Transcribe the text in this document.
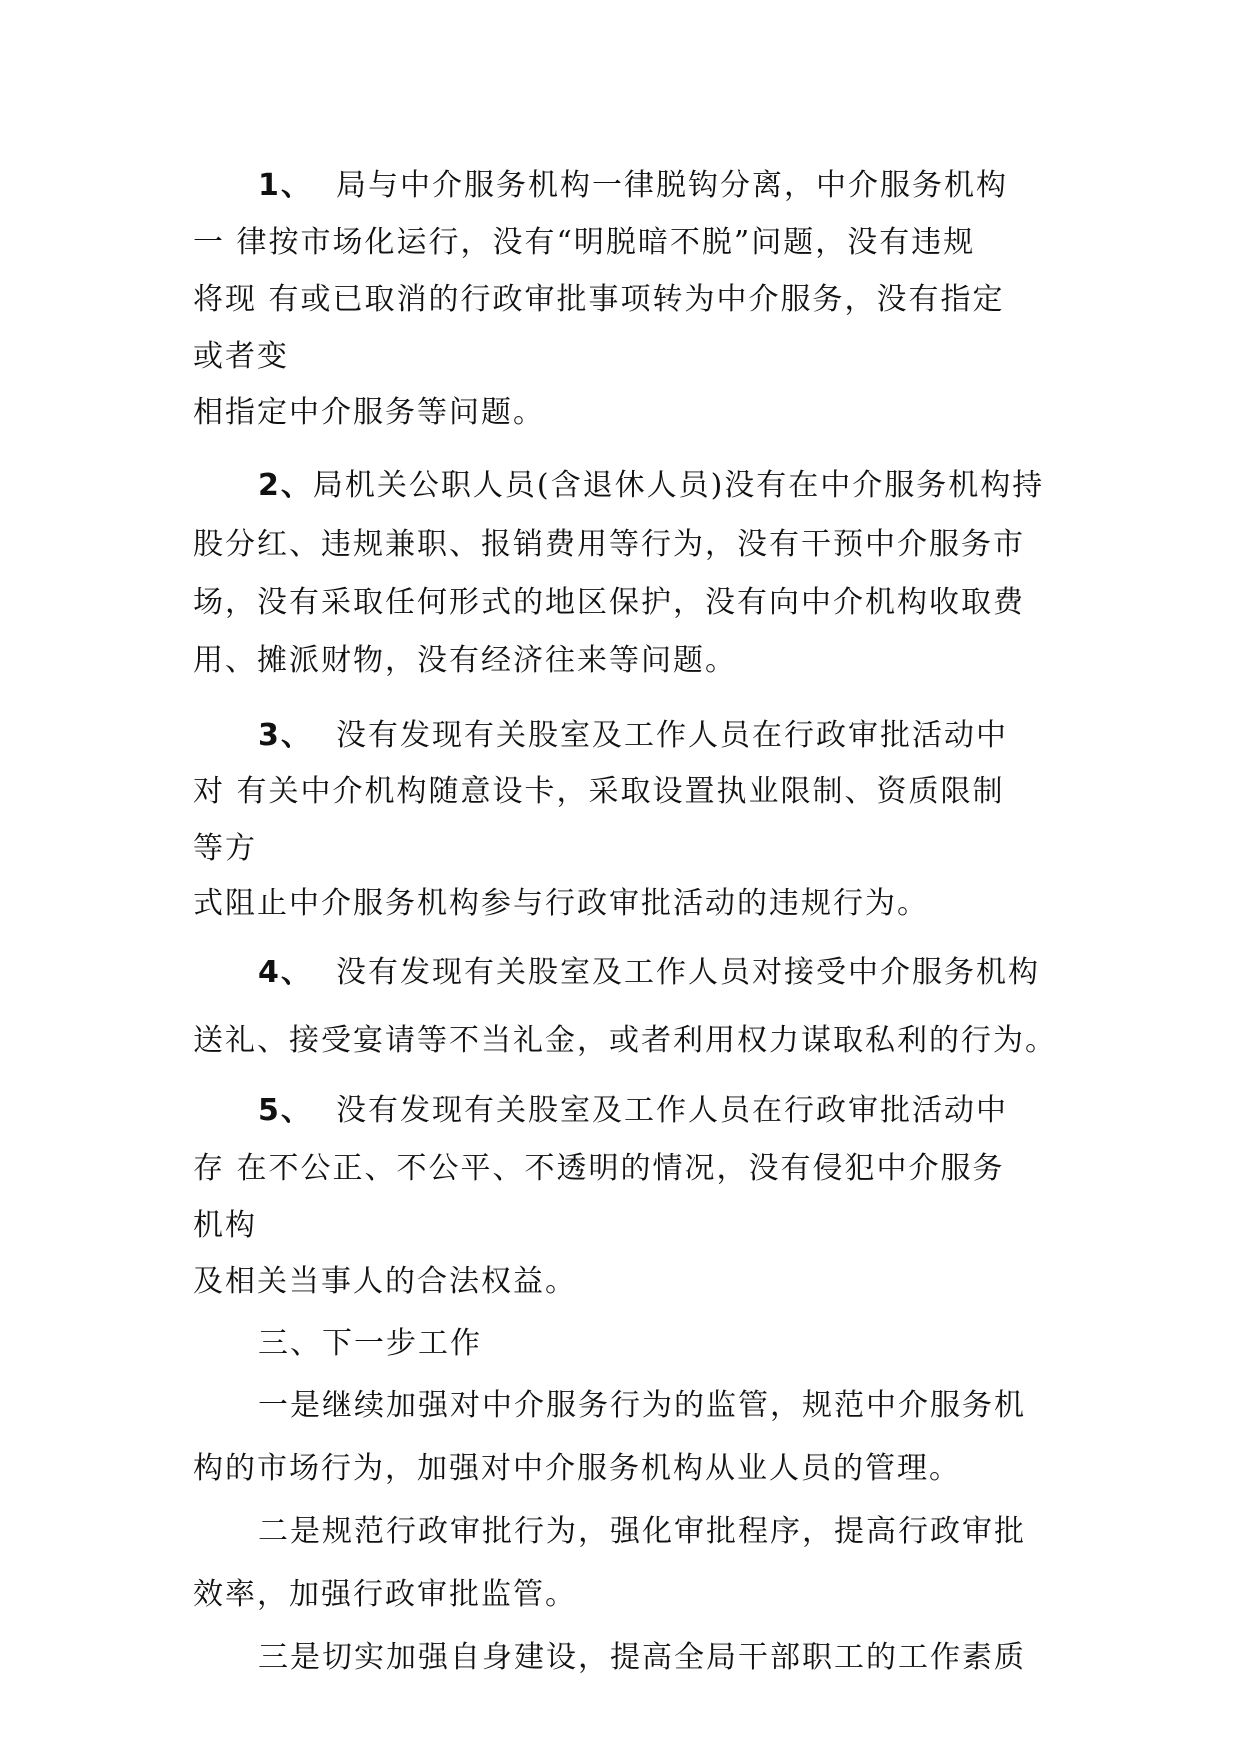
1、 局与中介服务机构一律脱钩分离，中介服务机构
一 律按市场化运行，没有“明脱暗不脱”问题，没有违规
将现 有或已取消的行政审批事项转为中介服务，没有指定
或者变
相指定中介服务等问题。
2、局机关公职人员(含退休人员)没有在中介服务机构持
股分红、违规兼职、报销费用等行为，没有干预中介服务市
场，没有采取任何形式的地区保护，没有向中介机构收取费
用、摊派财物，没有经济往来等问题。
3、 没有发现有关股室及工作人员在行政审批活动中
对 有关中介机构随意设卡，采取设置执业限制、资质限制
等方
式阻止中介服务机构参与行政审批活动的违规行为。
4、 没有发现有关股室及工作人员对接受中介服务机构
送礼、接受宴请等不当礼金，或者利用权力谋取私利的行为。
5、 没有发现有关股室及工作人员在行政审批活动中
存 在不公正、不公平、不透明的情况，没有侵犯中介服务
机构
及相关当事人的合法权益。
三、下一步工作
一是继续加强对中介服务行为的监管，规范中介服务机
构的市场行为，加强对中介服务机构从业人员的管理。
二是规范行政审批行为，强化审批程序，提高行政审批
效率，加强行政审批监管。
三是切实加强自身建设，提高全局干部职工的工作素质
